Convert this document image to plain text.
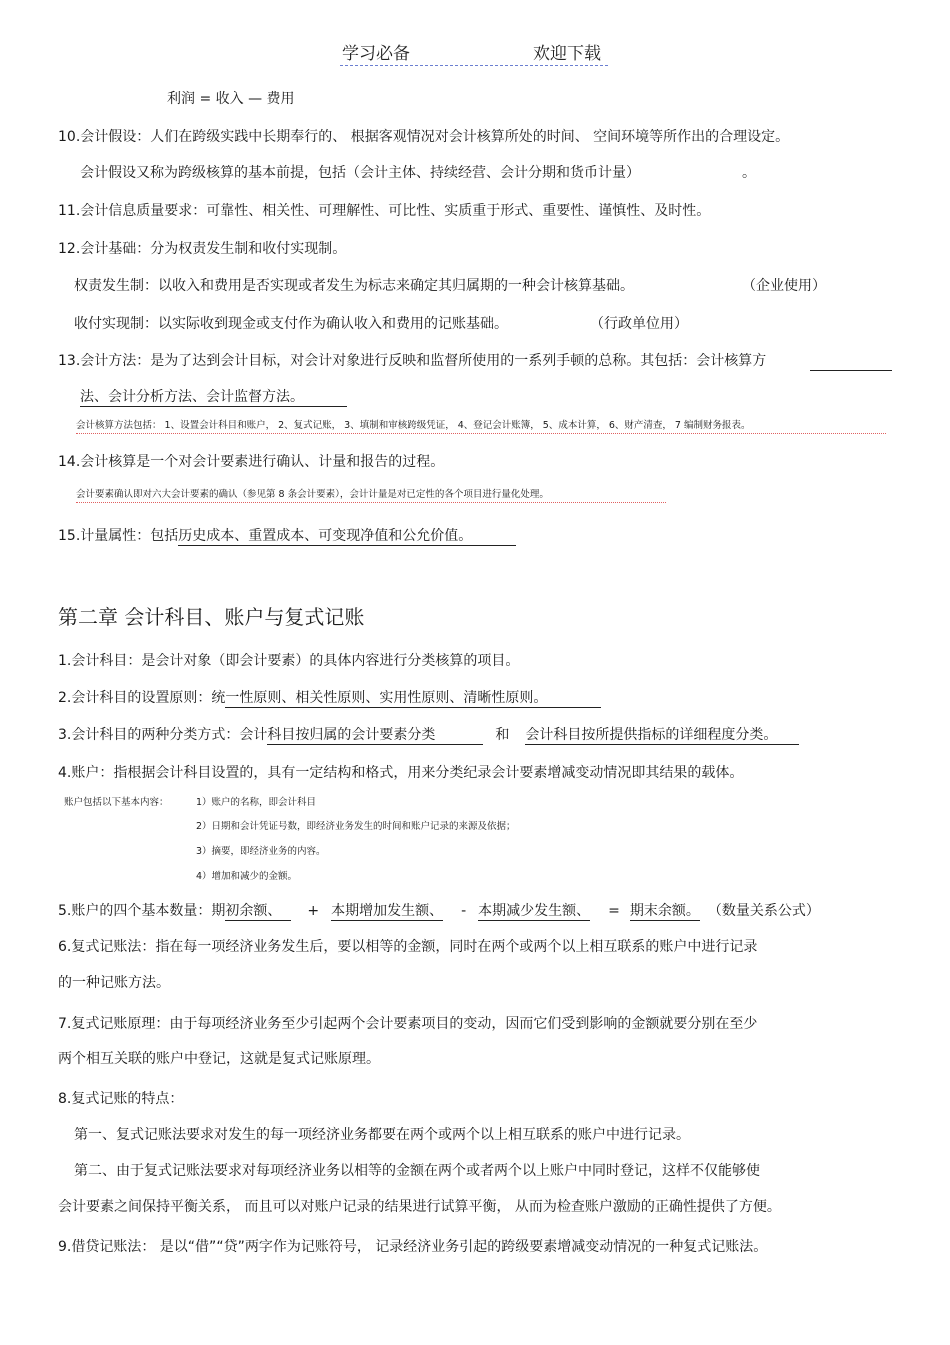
学习必备	欢迎下载
利润 = 收入 — 费用
10.会计假设：人们在跨级实践中长期奉行的、 根据客观情况对会计核算所处的时间、 空间环境等所作出的合理设定。
会计假设又称为跨级核算的基本前提，包括（会计主体、持续经营、会计分期和货币计量）	。
11.会计信息质量要求：可靠性、相关性、可理解性、可比性、实质重于形式、重要性、谨慎性、及时性。
12.会计基础：分为权责发生制和收付实现制。
权责发生制：以收入和费用是否实现或者发生为标志来确定其归属期的一种会计核算基础。	（企业使用）
收付实现制：以实际收到现金或支付作为确认收入和费用的记账基础。	（行政单位用）
13.会计方法：是为了达到会计目标，对会计对象进行反映和监督所使用的一系列手顿的总称。其包括：会计核算方
法、会计分析方法、会计监督方法。
会计核算方法包括： 1、设置会计科目和账户， 2、复式记账， 3、填制和审核跨级凭证， 4、登记会计账簿， 5、成本计算， 6、财产清查， 7 编制财务报表。
14.会计核算是一个对会计要素进行确认、计量和报告的过程。
会计要素确认即对六大会计要素的确认（参见第 8 条会计要素），会计计量是对已定性的各个项目进行量化处理。
15.计量属性：包括历史成本、重置成本、可变现净值和公允价值。
第二章 会计科目、账户与复式记账
1.会计科目：是会计对象（即会计要素）的具体内容进行分类核算的项目。
2.会计科目的设置原则：统一性原则、相关性原则、实用性原则、清晰性原则。
3.会计科目的两种分类方式：会计科目按归属的会计要素分类	和 会计科目按所提供指标的详细程度分类。
4.账户：指根据会计科目设置的，具有一定结构和格式，用来分类纪录会计要素增减变动情况即其结果的载体。
账户包括以下基本内容：	1）账户的名称，即会计科目
2）日期和会计凭证号数，即经济业务发生的时间和账户记录的来源及依据；
3）摘要，即经济业务的内容。
4）增加和减少的金额。
5.账户的四个基本数量：期初余额、 + 本期增加发生额、 - 本期减少发生额、 = 期末余额。 （数量关系公式）
6.复式记账法：指在每一项经济业务发生后，要以相等的金额，同时在两个或两个以上相互联系的账户中进行记录
的一种记账方法。
7.复式记账原理：由于每项经济业务至少引起两个会计要素项目的变动，因而它们受到影响的金额就要分别在至少
两个相互关联的账户中登记，这就是复式记账原理。
8.复式记账的特点：
第一、复式记账法要求对发生的每一项经济业务都要在两个或两个以上相互联系的账户中进行记录。
第二、由于复式记账法要求对每项经济业务以相等的金额在两个或者两个以上账户中同时登记，这样不仅能够使
会计要素之间保持平衡关系， 而且可以对账户记录的结果进行试算平衡， 从而为检查账户激励的正确性提供了方便。
9.借贷记账法： 是以“借”“贷”两字作为记账符号， 记录经济业务引起的跨级要素增减变动情况的一种复式记账法。
